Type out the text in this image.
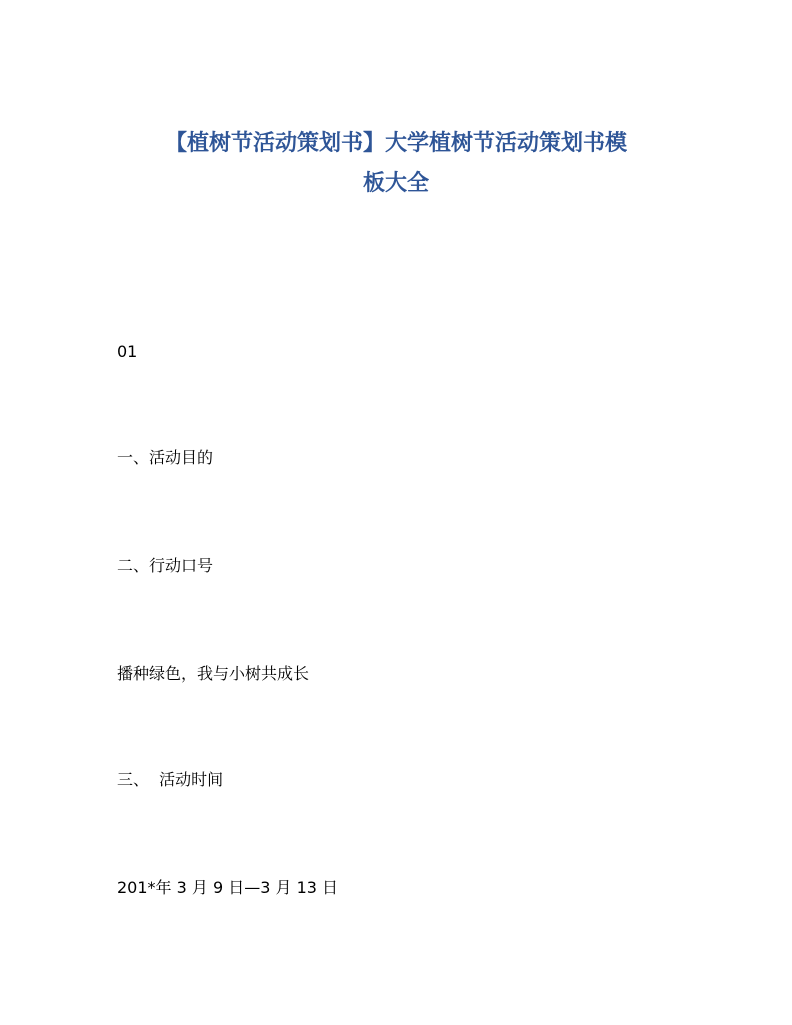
【植树节活动策划书】大学植树节活动策划书模
板大全

01

一、活动目的

二、行动口号

播种绿色，我与小树共成长

三、  活动时间

201*年 3 月 9 日—3 月 13 日
